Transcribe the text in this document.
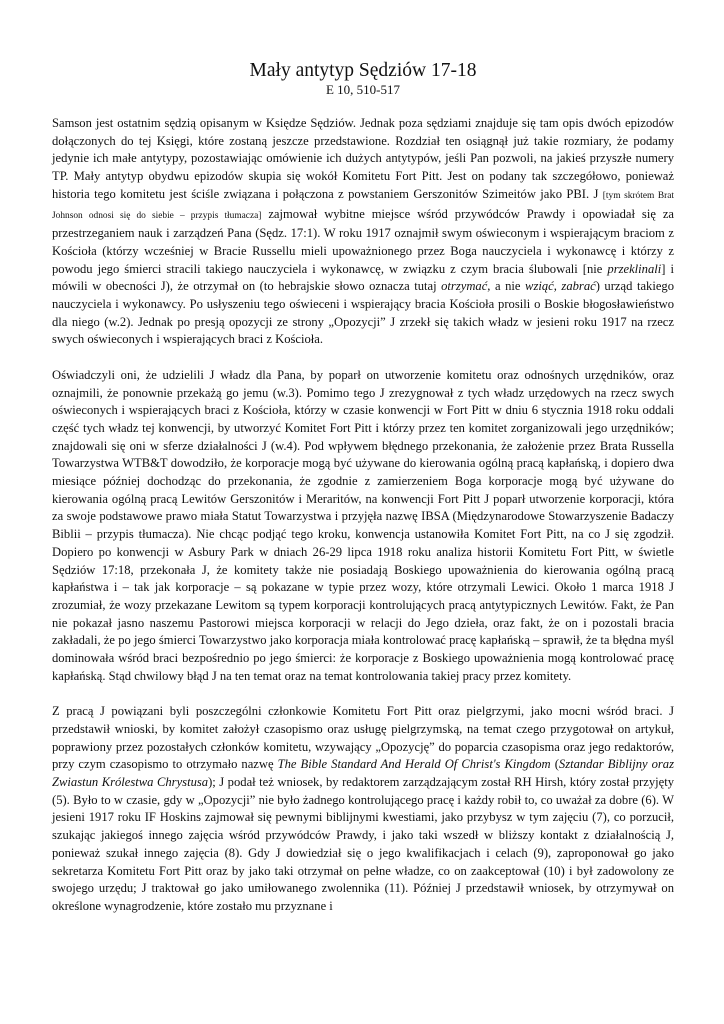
Mały antytyp Sędziów 17-18
E 10, 510-517

Samson jest ostatnim sędzią opisanym w Księdze Sędziów. Jednak poza sędziami znajduje się tam opis dwóch epizodów dołączonych do tej Księgi, które zostaną jeszcze przedstawione. Rozdział ten osiągnął już takie rozmiary, że podamy jedynie ich małe antytypy, pozostawiając omówienie ich dużych antytypów, jeśli Pan pozwoli, na jakieś przyszłe numery TP. Mały antytyp obydwu epizodów skupia się wokół Komitetu Fort Pitt. Jest on podany tak szczegółowo, ponieważ historia tego komitetu jest ściśle związana i połączona z powstaniem Gerszonitów Szimeitów jako PBI. J [tym skrótem Brat Johnson odnosi się do siebie – przypis tłumacza] zajmował wybitne miejsce wśród przywódców Prawdy i opowiadał się za przestrzeganiem nauk i zarządzeń Pana (Sędz. 17:1). W roku 1917 oznajmił swym oświeconym i wspierającym braciom z Kościoła (którzy wcześniej w Bracie Russellu mieli upoważnionego przez Boga nauczyciela i wykonawcę i którzy z powodu jego śmierci stracili takiego nauczyciela i wykonawcę, w związku z czym bracia ślubowali [nie przeklinali] i mówili w obecności J), że otrzymał on (to hebrajskie słowo oznacza tutaj otrzymać, a nie wziąć, zabrać) urząd takiego nauczyciela i wykonawcy. Po usłyszeniu tego oświeceni i wspierający bracia Kościoła prosili o Boskie błogosławieństwo dla niego (w.2). Jednak po presją opozycji ze strony „Opozycji” J zrzekł się takich władz w jesieni roku 1917 na rzecz swych oświeconych i wspierających braci z Kościoła.

Oświadczyli oni, że udzielili J władz dla Pana, by poparł on utworzenie komitetu oraz odnośnych urzędników, oraz oznajmili, że ponownie przekażą go jemu (w.3). Pomimo tego J zrezygnował z tych władz urzędowych na rzecz swych oświeconych i wspierających braci z Kościoła, którzy w czasie konwencji w Fort Pitt w dniu 6 stycznia 1918 roku oddali część tych władz tej konwencji, by utworzyć Komitet Fort Pitt i którzy przez ten komitet zorganizowali jego urzędników; znajdowali się oni w sferze działalności J (w.4). Pod wpływem błędnego przekonania, że założenie przez Brata Russella Towarzystwa WTB&T dowodziło, że korporacje mogą być używane do kierowania ogólną pracą kapłańską, i dopiero dwa miesiące później dochodząc do przekonania, że zgodnie z zamierzeniem Boga korporacje mogą być używane do kierowania ogólną pracą Lewitów Gerszonitów i Meraritów, na konwencji Fort Pitt J poparł utworzenie korporacji, która za swoje podstawowe prawo miała Statut Towarzystwa i przyjęła nazwę IBSA (Międzynarodowe Stowarzyszenie Badaczy Biblii – przypis tłumacza). Nie chcąc podjąć tego kroku, konwencja ustanowiła Komitet Fort Pitt, na co J się zgodził. Dopiero po konwencji w Asbury Park w dniach 26-29 lipca 1918 roku analiza historii Komitetu Fort Pitt, w świetle Sędziów 17:18, przekonała J, że komitety także nie posiadają Boskiego upoważnienia do kierowania ogólną pracą kapłaństwa i – tak jak korporacje – są pokazane w typie przez wozy, które otrzymali Lewici. Około 1 marca 1918 J zrozumiał, że wozy przekazane Lewitom są typem korporacji kontrolujących pracą antytypicznych Lewitów. Fakt, że Pan nie pokazał jasno naszemu Pastorowi miejsca korporacji w relacji do Jego dzieła, oraz fakt, że on i pozostali bracia zakładali, że po jego śmierci Towarzystwo jako korporacja miała kontrolować pracę kapłańską – sprawił, że ta błędna myśl dominowała wśród braci bezpośrednio po jego śmierci: że korporacje z Boskiego upoważnienia mogą kontrolować pracę kapłańską. Stąd chwilowy błąd J na ten temat oraz na temat kontrolowania takiej pracy przez komitety.

Z pracą J powiązani byli poszczególni członkowie Komitetu Fort Pitt oraz pielgrzymi, jako mocni wśród braci. J przedstawił wnioski, by komitet założył czasopismo oraz usługę pielgrzymską, na temat czego przygotował on artykuł, poprawiony przez pozostałych członków komitetu, wzywający „Opozycję” do poparcia czasopisma oraz jego redaktorów, przy czym czasopismo to otrzymało nazwę The Bible Standard And Herald Of Christ's Kingdom (Sztandar Biblijny oraz Zwiastun Królestwa Chrystusa); J podał też wniosek, by redaktorem zarządzającym został RH Hirsh, który został przyjęty (5). Było to w czasie, gdy w „Opozycji” nie było żadnego kontrolującego pracę i każdy robił to, co uważał za dobre (6). W jesieni 1917 roku IF Hoskins zajmował się pewnymi biblijnymi kwestiami, jako przybysz w tym zajęciu (7), co porzucił, szukając jakiegoś innego zajęcia wśród przywódców Prawdy, i jako taki wszedł w bliższy kontakt z działalnością J, ponieważ szukał innego zajęcia (8). Gdy J dowiedział się o jego kwalifikacjach i celach (9), zaproponował go jako sekretarza Komitetu Fort Pitt oraz by jako taki otrzymał on pełne władze, co on zaakceptował (10) i był zadowolony ze swojego urzędu; J traktował go jako umiłowanego zwolennika (11). Później J przedstawił wniosek, by otrzymywał on określone wynagrodzenie, które zostało mu przyznane i
